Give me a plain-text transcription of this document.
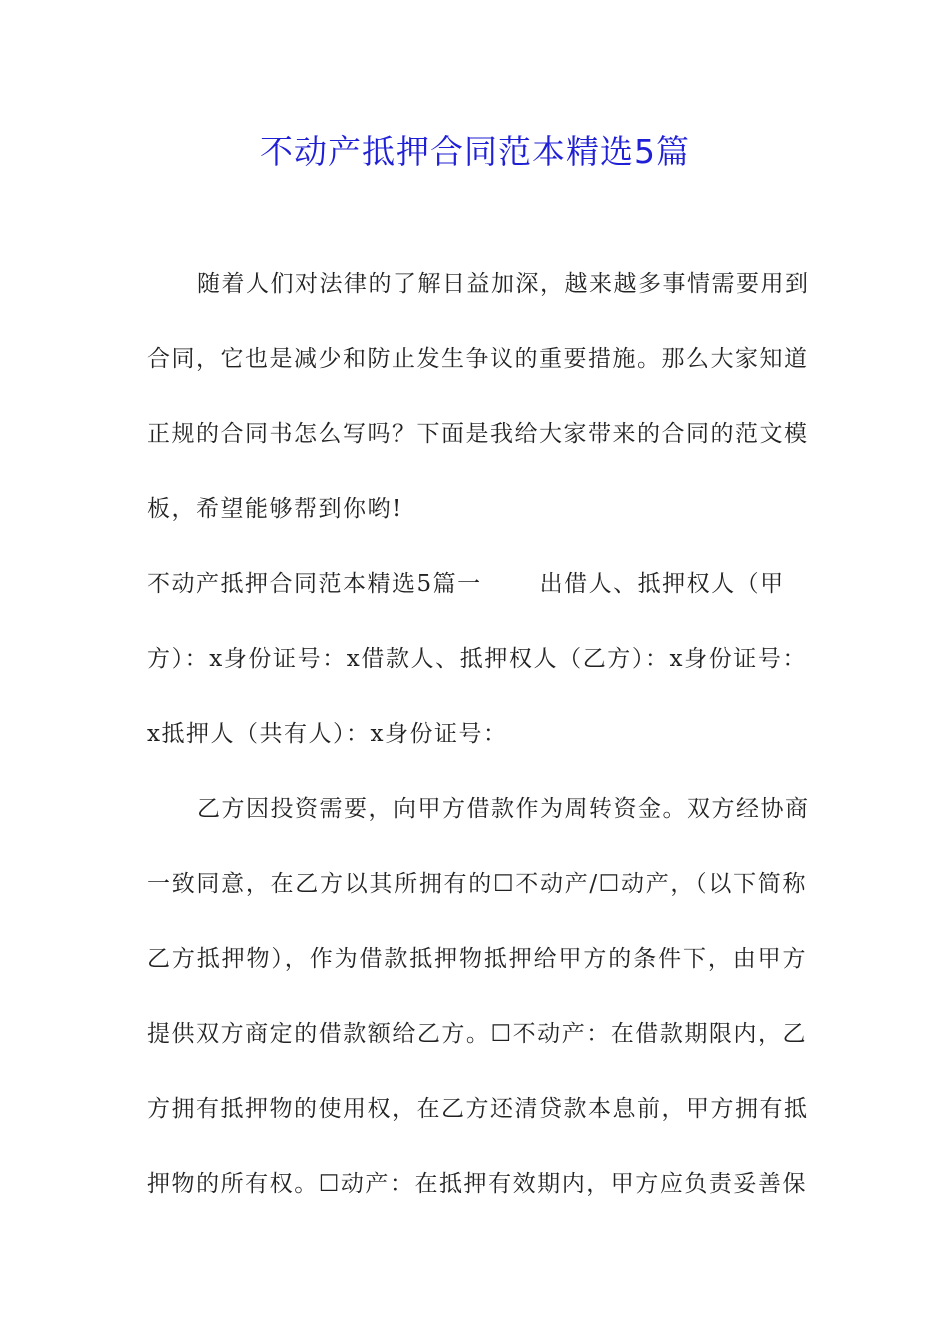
不动产抵押合同范本精选5篇
随着人们对法律的了解日益加深，越来越多事情需要用到
合同，它也是减少和防止发生争议的重要措施。那么大家知道
正规的合同书怎么写吗？下面是我给大家带来的合同的范文模
板，希望能够帮到你哟!
不动产抵押合同范本精选5篇一	出借人、抵押权人（甲
方）：x身份证号：x借款人、抵押权人（乙方）：x身份证号：
x抵押人（共有人）：x身份证号：
乙方因投资需要，向甲方借款作为周转资金。双方经协商
一致同意，在乙方以其所拥有的☐不动产/☐动产，（以下简称
乙方抵押物），作为借款抵押物抵押给甲方的条件下，由甲方
提供双方商定的借款额给乙方。☐不动产：在借款期限内，乙
方拥有抵押物的使用权，在乙方还清贷款本息前，甲方拥有抵
押物的所有权。☐动产：在抵押有效期内，甲方应负责妥善保
